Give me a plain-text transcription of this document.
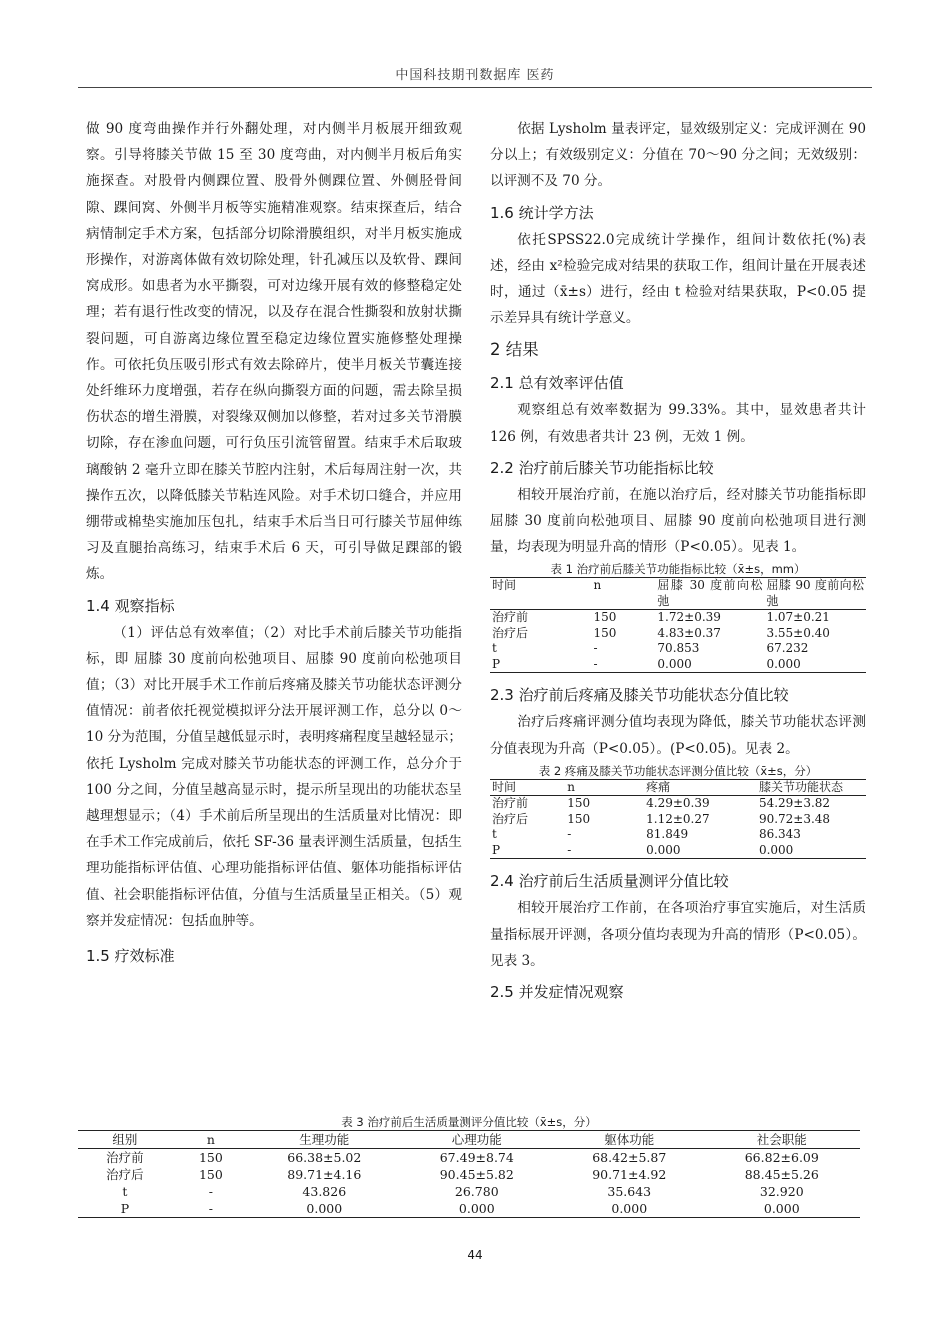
中国科技期刊数据库 医药

做 90 度弯曲操作并行外翻处理，对内侧半月板展开细致观察。引导将膝关节做 15 至 30 度弯曲，对内侧半月板后角实施探查。对股骨内侧踝位置、股骨外侧踝位置、外侧胫骨间隙、踝间窝、外侧半月板等实施精准观察。结束探查后，结合病情制定手术方案，包括部分切除滑膜组织，对半月板实施成形操作，对游离体做有效切除处理，针孔减压以及软骨、踝间窝成形。如患者为水平撕裂，可对边缘开展有效的修整稳定处理；若有退行性改变的情况，以及存在混合性撕裂和放射状撕裂问题，可自游离边缘位置至稳定边缘位置实施修整处理操作。可依托负压吸引形式有效去除碎片，使半月板关节囊连接处纤维环力度增强，若存在纵向撕裂方面的问题，需去除呈损伤状态的增生滑膜，对裂缘双侧加以修整，若对过多关节滑膜切除，存在渗血问题，可行负压引流管留置。结束手术后取玻璃酸钠 2 毫升立即在膝关节腔内注射，术后每周注射一次，共操作五次，以降低膝关节粘连风险。对手术切口缝合，并应用绷带或棉垫实施加压包扎，结束手术后当日可行膝关节屈伸练习及直腿抬高练习，结束手术后 6 天，可引导做足踝部的锻炼。

1.4 观察指标

（1）评估总有效率值；（2）对比手术前后膝关节功能指标，即 屈膝 30 度前向松弛项目、屈膝 90 度前向松弛项目值；（3）对比开展手术工作前后疼痛及膝关节功能状态评测分值情况：前者依托视觉模拟评分法开展评测工作，总分以 0～10 分为范围，分值呈越低显示时，表明疼痛程度呈越轻显示；依托 Lysholm 完成对膝关节功能状态的评测工作，总分介于 100 分之间，分值呈越高显示时，提示所呈现出的功能状态呈越理想显示；（4）手术前后所呈现出的生活质量对比情况：即在手术工作完成前后，依托 SF-36 量表评测生活质量，包括生理功能指标评估值、心理功能指标评估值、躯体功能指标评估值、社会职能指标评估值，分值与生活质量呈正相关。（5）观察并发症情况：包括血肿等。

1.5 疗效标准

依据 Lysholm 量表评定，显效级别定义：完成评测在 90 分以上；有效级别定义：分值在 70～90 分之间；无效级别：以评测不及 70 分。

1.6 统计学方法

依托SPSS22.0完成统计学操作，组间计数依托(%)表述，经由 x²检验完成对结果的获取工作，组间计量在开展表述时，通过（x̄±s）进行，经由 t 检验对结果获取，P<0.05 提示差异具有统计学意义。

2 结果
2.1 总有效率评估值

观察组总有效率数据为 99.33%。其中，显效患者共计 126 例，有效患者共计 23 例，无效 1 例。

2.2 治疗前后膝关节功能指标比较

相较开展治疗前，在施以治疗后，经对膝关节功能指标即屈膝 30 度前向松弛项目、屈膝 90 度前向松弛项目进行测量，均表现为明显升高的情形（P<0.05）。见表 1。

表 1 治疗前后膝关节功能指标比较（x̄±s，mm）
时间	n	屈膝 30 度前向松弛	屈膝 90 度前向松弛
治疗前	150	1.72±0.39	1.07±0.21
治疗后	150	4.83±0.37	3.55±0.40
t	-	70.853	67.232
P	-	0.000	0.000
2.3 治疗前后疼痛及膝关节功能状态分值比较

治疗后疼痛评测分值均表现为降低，膝关节功能状态评测分值表现为升高（P<0.05）。(P<0.05)。见表 2。

表 2 疼痛及膝关节功能状态评测分值比较（x̄±s，分）
时间	n	疼痛	膝关节功能状态
治疗前	150	4.29±0.39	54.29±3.82
治疗后	150	1.12±0.27	90.72±3.48
t	-	81.849	86.343
P	-	0.000	0.000
2.4 治疗前后生活质量测评分值比较

相较开展治疗工作前，在各项治疗事宜实施后，对生活质量指标展开评测，各项分值均表现为升高的情形（P<0.05）。见表 3。

2.5 并发症情况观察
表 3 治疗前后生活质量测评分值比较（x̄±s，分）
组别	n	生理功能	心理功能	躯体功能	社会职能
治疗前	150	66.38±5.02	67.49±8.74	68.42±5.87	66.82±6.09
治疗后	150	89.71±4.16	90.45±5.82	90.71±4.92	88.45±5.26
t	-	43.826	26.780	35.643	32.920
P	-	0.000	0.000	0.000	0.000
44
